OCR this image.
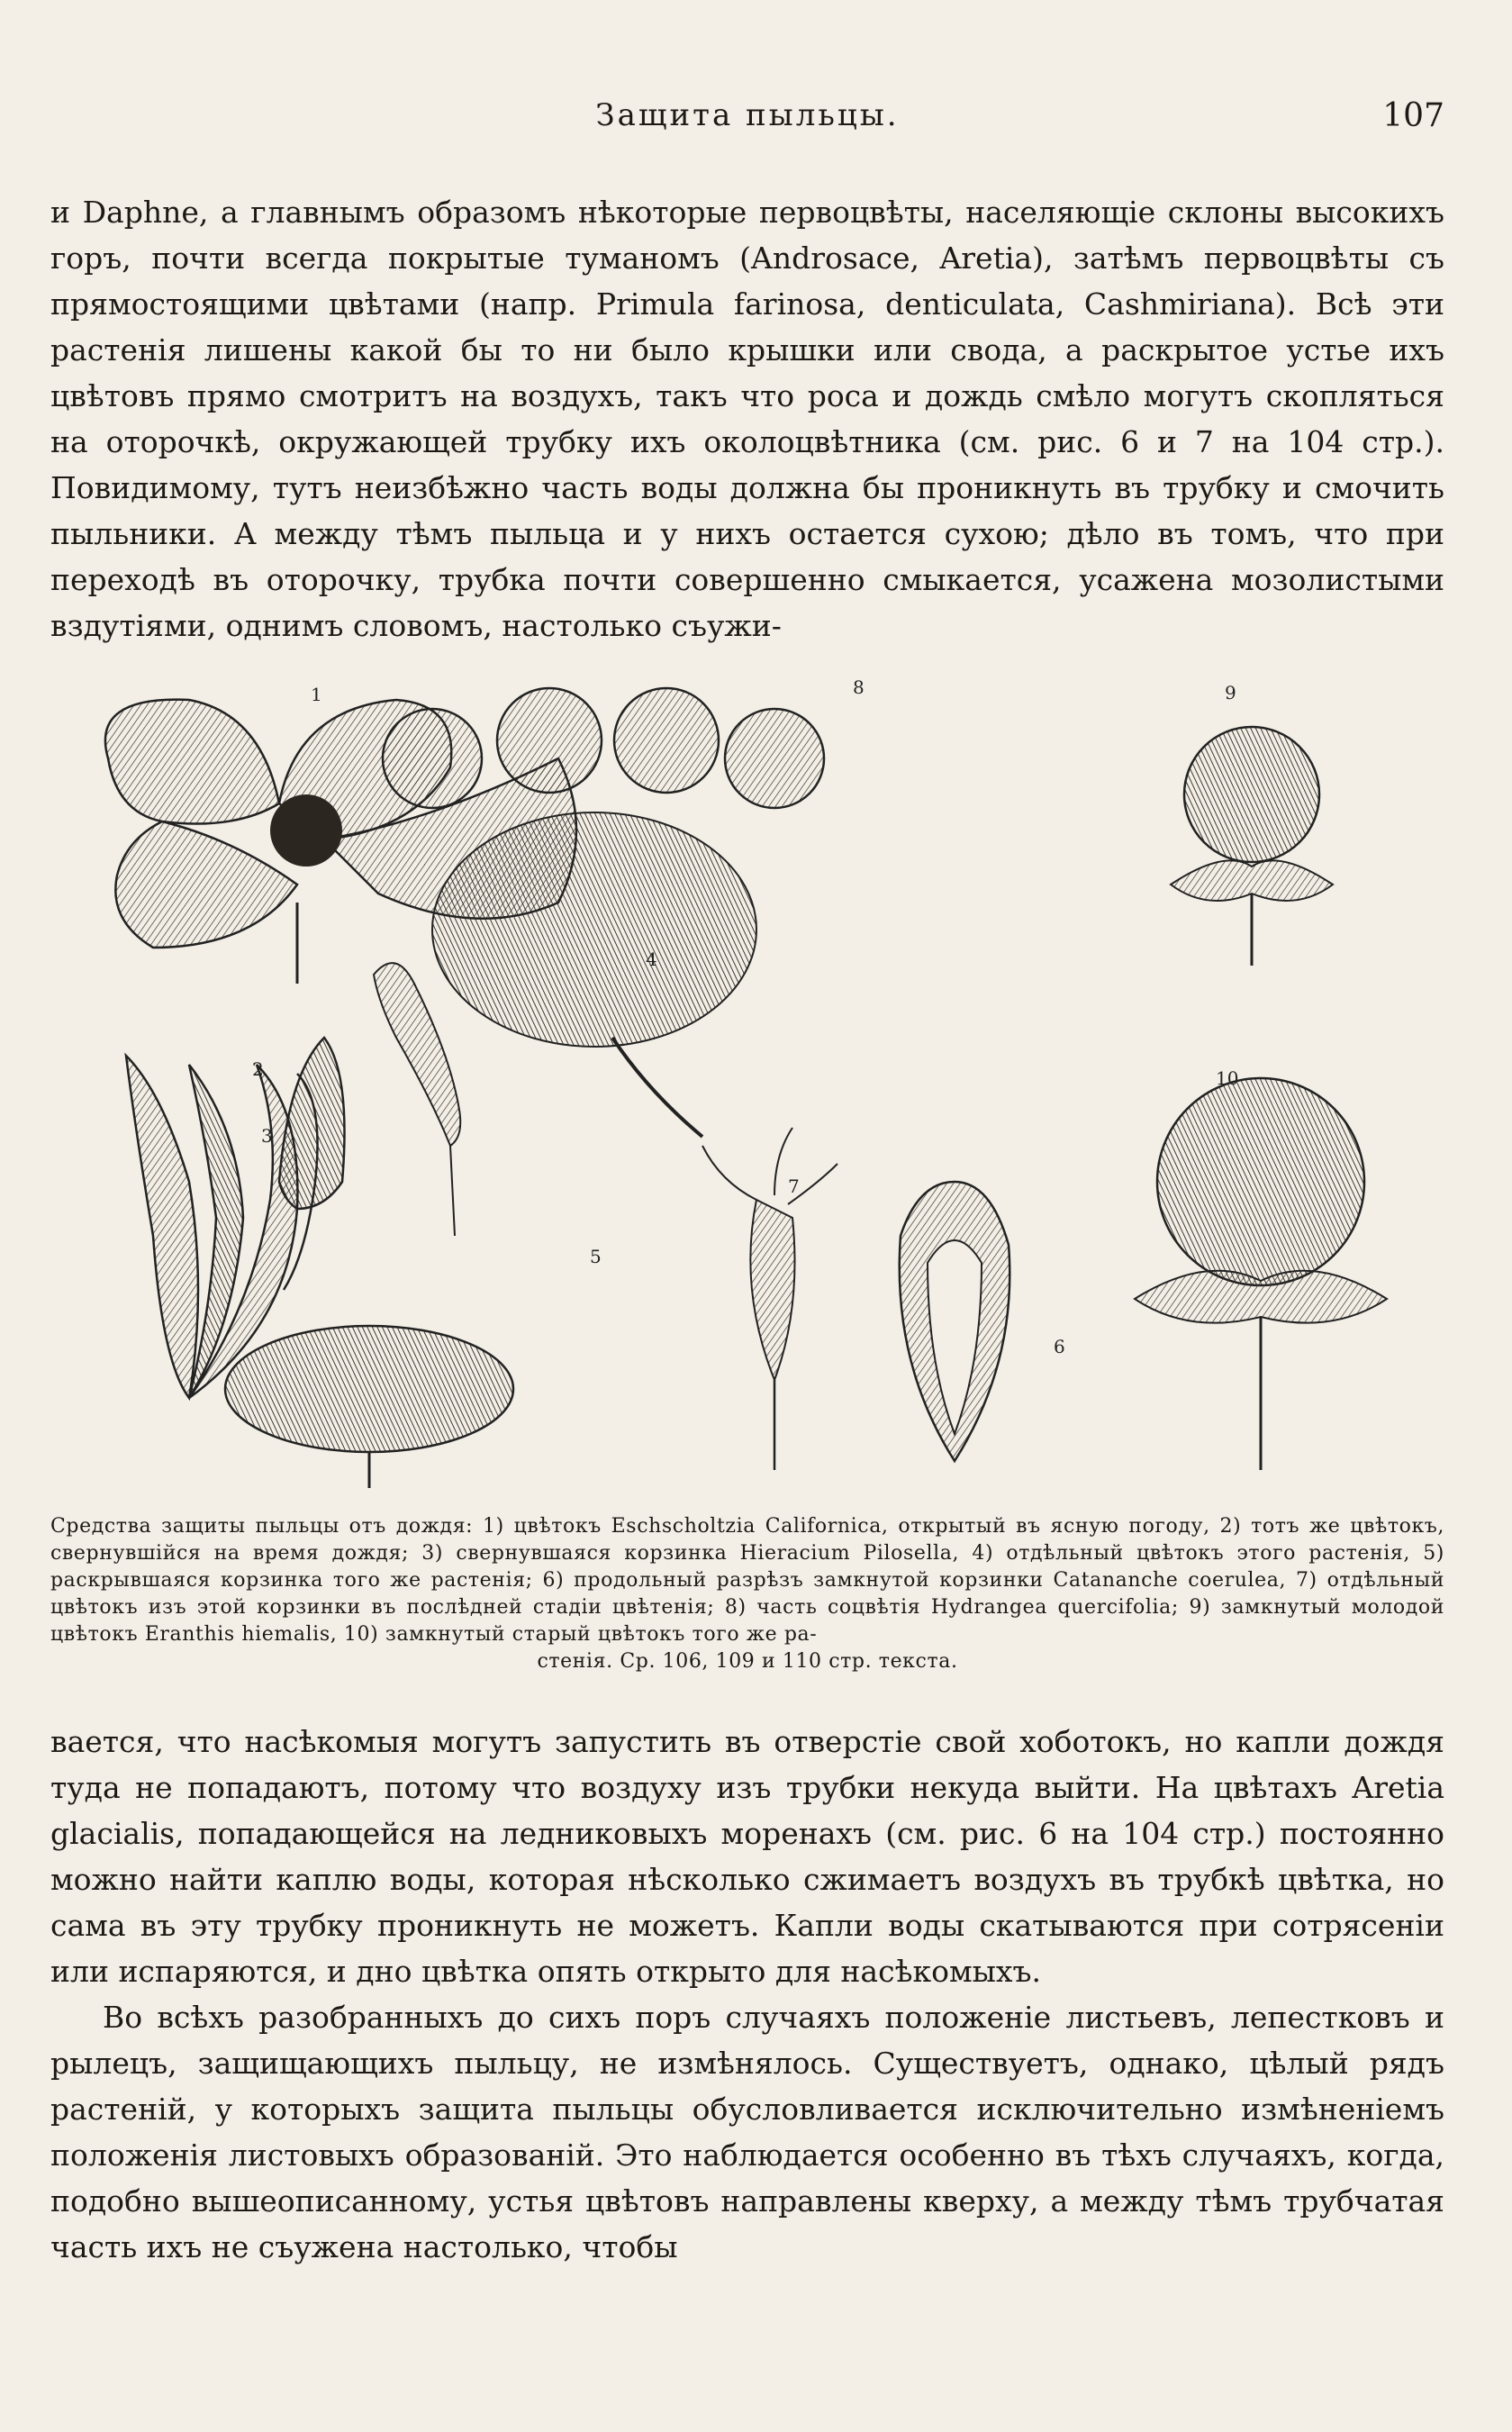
Защита пыльцы.	107
и Daphne, а главнымъ образомъ нѣкоторые первоцвѣты, населяющіе склоны высокихъ горъ, почти всегда покрытые туманомъ (Androsace, Aretia), затѣмъ первоцвѣты съ прямостоящими цвѣтами (напр. Primula farinosa, denticulata, Cashmiriana). Всѣ эти растенія лишены какой бы то ни было крышки или свода, а раскрытое устье ихъ цвѣтовъ прямо смотритъ на воздухъ, такъ что роса и дождь смѣло могутъ скопляться на оторочкѣ, окружающей трубку ихъ околоцвѣтника (см. рис. 6 и 7 на 104 стр.). Повидимому, тутъ неизбѣжно часть воды должна бы проникнуть въ трубку и смочить пыльники. А между тѣмъ пыльца и у нихъ остается сухою; дѣло въ томъ, что при переходѣ въ оторочку, трубка почти совершенно смыкается, усажена мозолистыми вздутіями, однимъ словомъ, настолько съужи-
1
2
3
4
5
6
7
8	9
10
Средства защиты пыльцы отъ дождя: 1) цвѣтокъ Eschscholtzia Californica, открытый въ ясную погоду, 2) тотъ же цвѣтокъ, свернувшійся на время дождя; 3) свернувшаяся корзинка Hieracium Pilosella, 4) отдѣльный цвѣтокъ этого растенія, 5) раскрывшаяся корзинка того же растенія; 6) продольный разрѣзъ замкнутой корзинки Catananche coerulea, 7) отдѣльный цвѣтокъ изъ этой корзинки въ послѣдней стадіи цвѣтенія; 8) часть соцвѣтія Hydrangea quercifolia; 9) замкнутый молодой цвѣтокъ Eranthis hiemalis, 10) замкнутый старый цвѣтокъ того же ра-
стенія. Ср. 106, 109 и 110 стр. текста.
вается, что насѣкомыя могутъ запустить въ отверстіе свой хоботокъ, но капли дождя туда не попадаютъ, потому что воздуху изъ трубки некуда выйти. На цвѣтахъ Aretia glacialis, попадающейся на ледниковыхъ моренахъ (см. рис. 6 на 104 стр.) постоянно можно найти каплю воды, которая нѣсколько сжимаетъ воздухъ въ трубкѣ цвѣтка, но сама въ эту трубку проникнуть не можетъ. Капли воды скатываются при сотрясеніи или испаряются, и дно цвѣтка опять открыто для насѣкомыхъ.
Во всѣхъ разобранныхъ до сихъ поръ случаяхъ положеніе листьевъ, лепестковъ и рылецъ, защищающихъ пыльцу, не измѣнялось. Существуетъ, однако, цѣлый рядъ растеній, у которыхъ защита пыльцы обусловливается исключительно измѣненіемъ положенія листовыхъ образованій. Это наблюдается особенно въ тѣхъ случаяхъ, когда, подобно вышеописанному, устья цвѣтовъ направлены кверху, а между тѣмъ трубчатая часть ихъ не съужена настолько, чтобы
